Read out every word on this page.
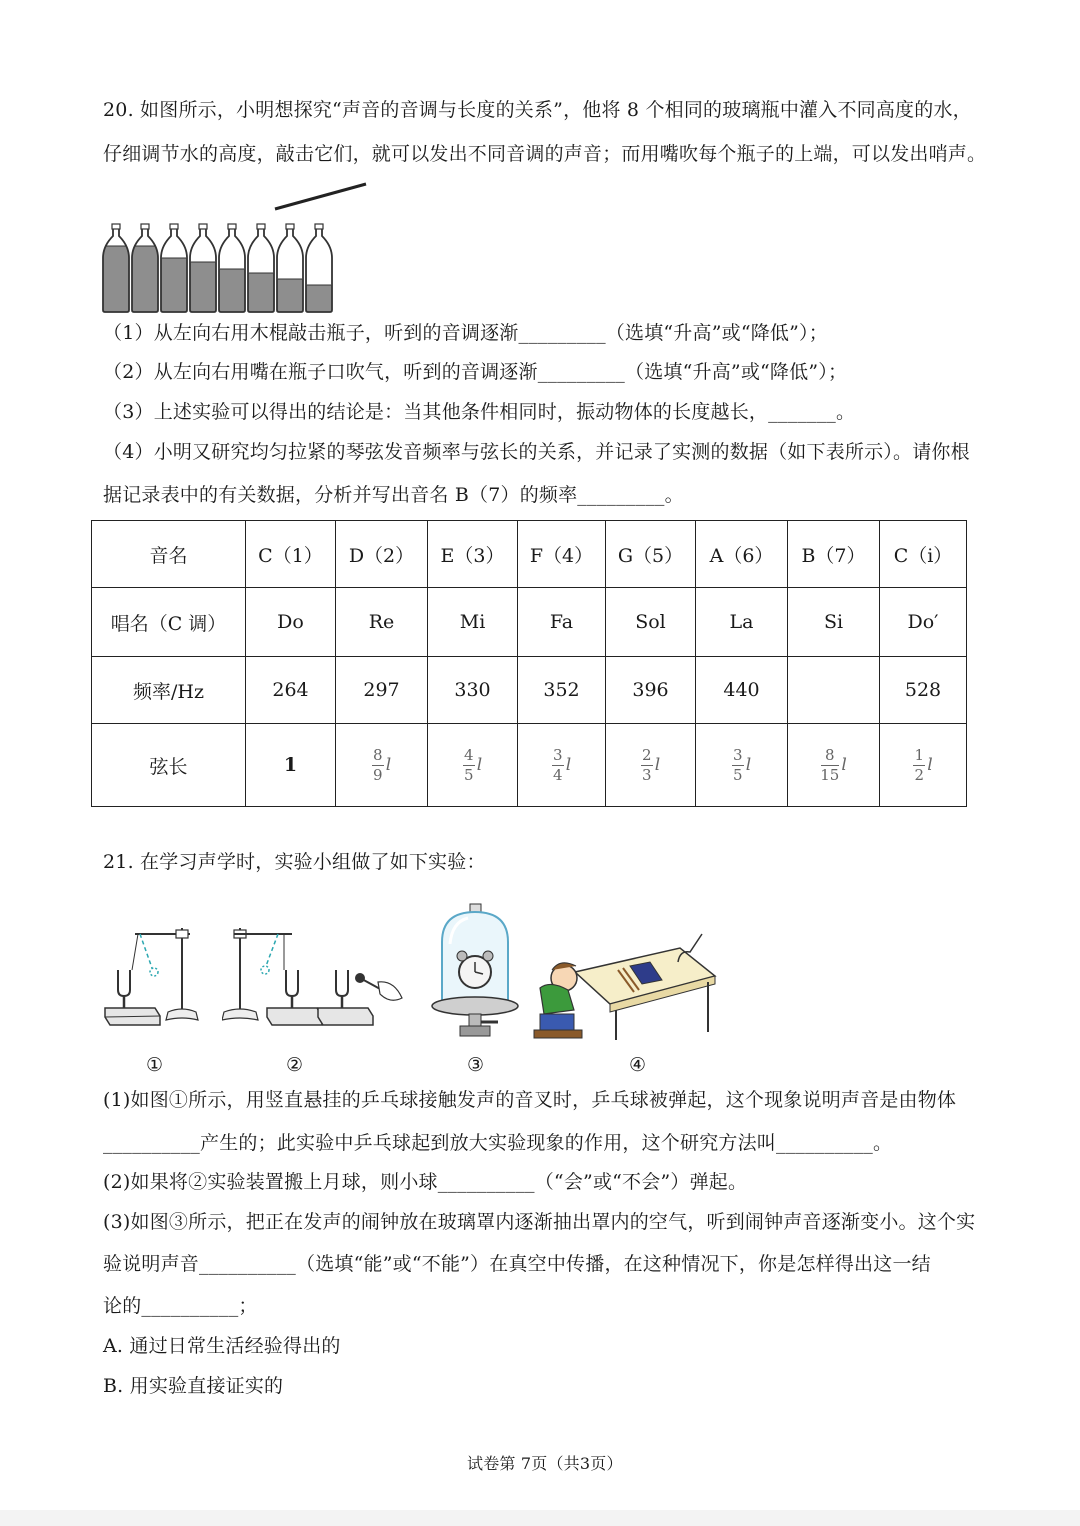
20. 如图所示，小明想探究“声音的音调与长度的关系”，他将 8 个相同的玻璃瓶中灌入不同高度的水，
仔细调节水的高度，敲击它们，就可以发出不同音调的声音；而用嘴吹每个瓶子的上端，可以发出哨声。
（1）从左向右用木棍敲击瓶子，听到的音调逐渐_________（选填“升高”或“降低”）；
（2）从左向右用嘴在瓶子口吹气，听到的音调逐渐_________（选填“升高”或“降低”）；
（3）上述实验可以得出的结论是：当其他条件相同时，振动物体的长度越长，_______。
（4）小明又研究均匀拉紧的琴弦发音频率与弦长的关系，并记录了实测的数据（如下表所示）。请你根
据记录表中的有关数据，分析并写出音名 B（7）的频率_________。
音名	C（1）	D（2）	E（3）	F（4）	G（5）	A（6）	B（7）	C（i）
唱名（C 调）	Do	Re	Mi	Fa	Sol	La	Si	Do′
频率/Hz	264	297	330	352	396	440		528
弦长	1	$\frac{8}{9}$ l	$\frac{4}{5}$ l	$\frac{3}{4}$ l	$\frac{2}{3}$ l	$\frac{3}{5}$ l	$\frac{8}{15}$ l	$\frac{1}{2}$ l
21. 在学习声学时，实验小组做了如下实验：
①	②	③	④
(1)如图①所示，用竖直悬挂的乒乓球接触发声的音叉时，乒乓球被弹起，这个现象说明声音是由物体
__________产生的；此实验中乒乓球起到放大实验现象的作用，这个研究方法叫__________。
(2)如果将②实验装置搬上月球，则小球__________（“会”或“不会”）弹起。
(3)如图③所示，把正在发声的闹钟放在玻璃罩内逐渐抽出罩内的空气，听到闹钟声音逐渐变小。这个实
验说明声音__________（选填“能”或“不能”）在真空中传播，在这种情况下，你是怎样得出这一结
论的__________；
A. 通过日常生活经验得出的
B. 用实验直接证实的
试卷第 7页（共3页）
